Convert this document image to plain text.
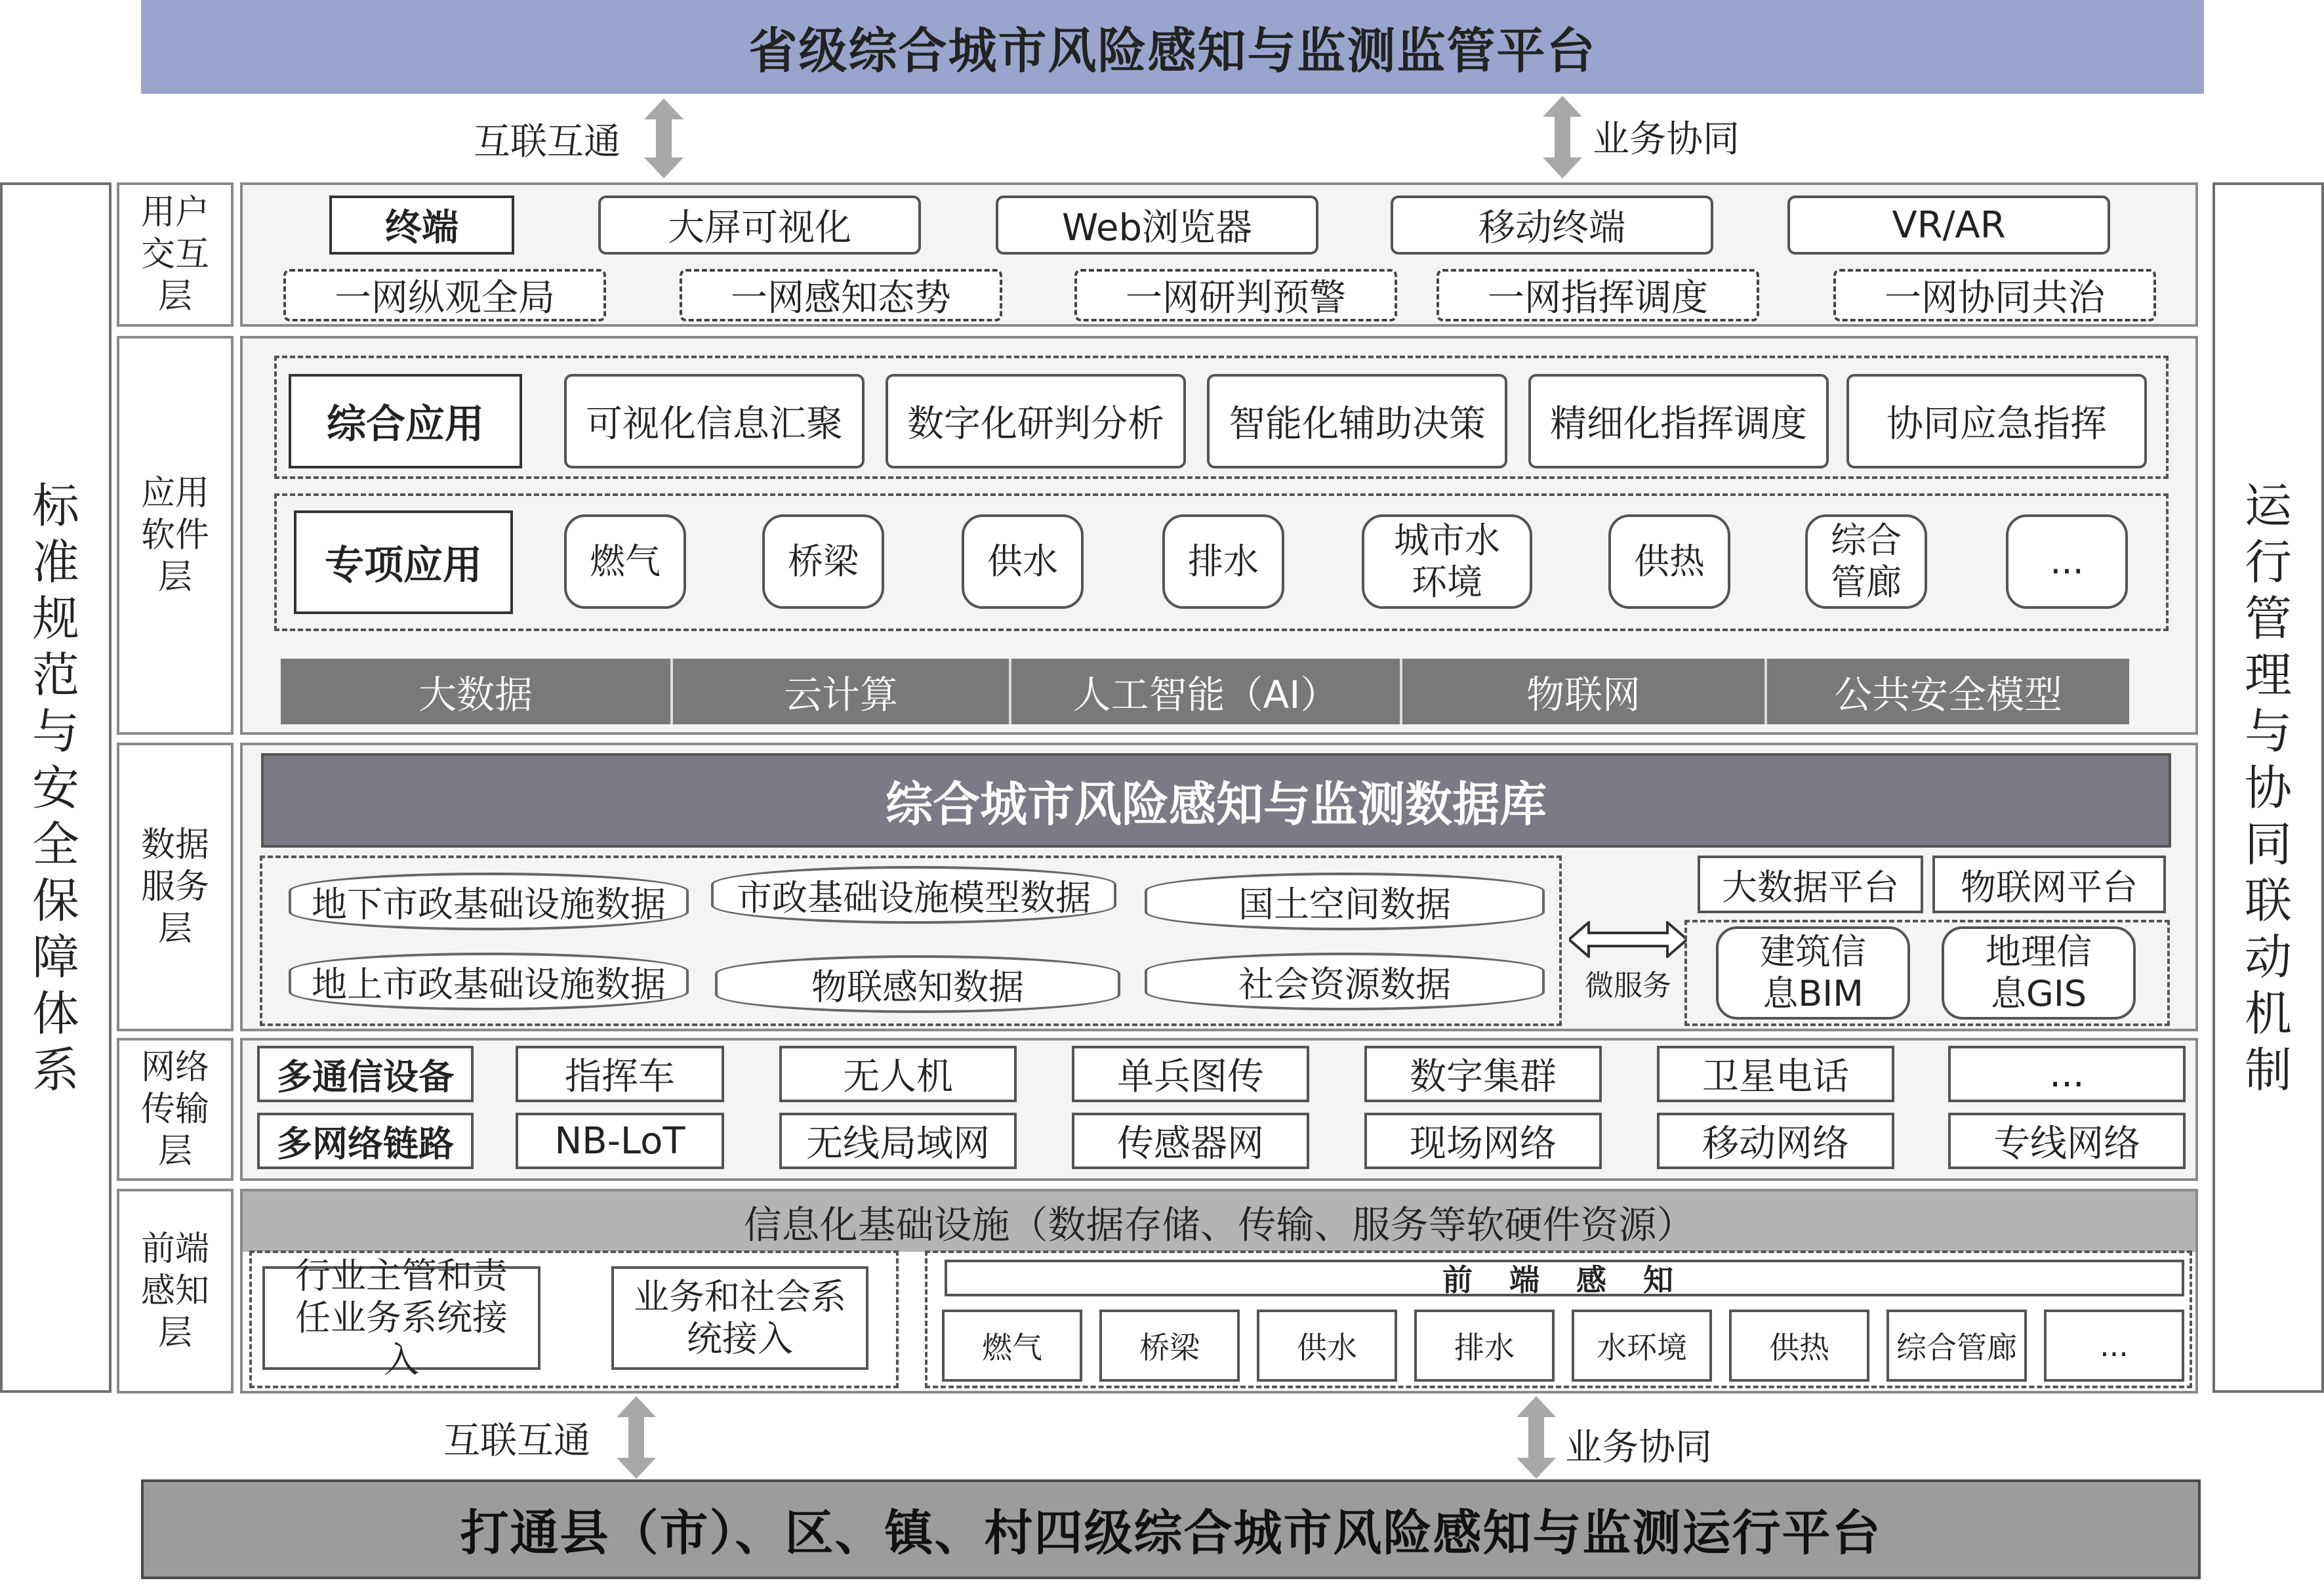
省级综合城市风险感知与监测监管平台
互联互通	业务协同
标准规范与安全保障体系
运行管理与协同联动机制
用户交互层
终端	大屏可视化	Web浏览器	移动终端	VR/AR
一网纵观全局	一网感知态势	一网研判预警	一网指挥调度	一网协同共治
应用软件层
综合应用	可视化信息汇聚	数字化研判分析	智能化辅助决策	精细化指挥调度	协同应急指挥
专项应用	燃气	桥梁	供水	排水
城市水环境
供热
综合管廊
...
大数据	云计算	人工智能（AI）	物联网	公共安全模型
数据服务层
综合城市风险感知与监测数据库
地下市政基础设施数据	市政基础设施模型数据	国土空间数据
地上市政基础设施数据	物联感知数据	社会资源数据	微服务
大数据平台	物联网平台
建筑信息BIM
地理信息GIS
网络传输层
多通信设备	指挥车	无人机	单兵图传	数字集群	卫星电话	...
多网络链路	NB-LoT	无线局域网	传感器网	现场网络	移动网络	专线网络
前端感知层
信息化基础设施（数据存储、传输、服务等软硬件资源）
行业主管和责任业务系统接入
业务和社会系统接入
前 端 感 知
燃气	桥梁	供水	排水	水环境	供热	综合管廊	...
互联互通	业务协同
打通县（市）、区、镇、村四级综合城市风险感知与监测运行平台
